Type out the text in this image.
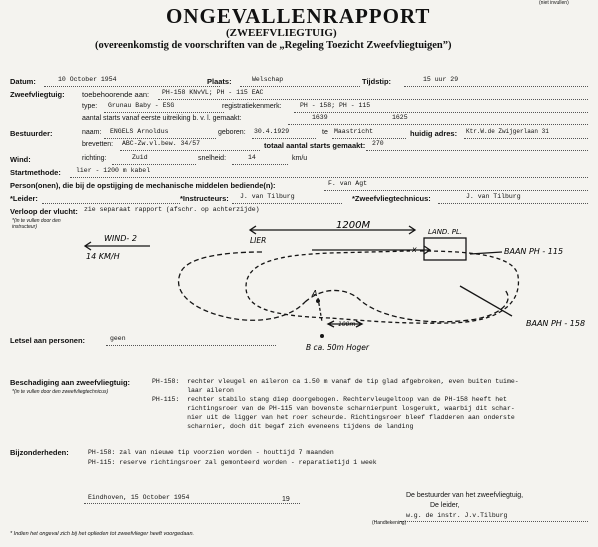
(niet invullen)
ONGEVALLENRAPPORT
(ZWEEFVLIEGTUIG)
(overeenkomstig de voorschriften van de „Regeling Toezicht Zweefvliegtuigen”)
Datum:	10 October 1954	Plaats:	Welschap	Tijdstip:	15 uur 29
Zweefvliegtuig: toebehoorende aan: PH-158 KNvVL; PH - 115 EAC
type: Grunau Baby - ESG	registratiekenmerk:	PH - 158; PH - 115
aantal starts vanaf eerste uitreiking b. v. l. gemaakt:	1639	1625
Bestuurder:	naam: ENGELS Arnoldus	geboren: 30.4.1929	te Maastricht	huidig adres: Ktr.W.de Zwijgerlaan 31
brevetten: ABC-Zw.vl.bew. 34/57	totaal aantal starts gemaakt: 270
Wind:	richting:	Zuid	snelheid:	14	km/u
Startmethode: lier - 1200 m kabel
Person(onen), die bij de opstijging de mechanische middelen bediende(n):	F. van Agt
*Leider:	*Instructeurs: J. van Tilburg	*Zweefvliegtechnicus:	J. van Tilburg
Verloop der vlucht: zie separaat rapport (afschr. op achterzijde)
*(in te vullen door den instructeur)	1200M
WIND- 2
14 KM/H
LIER
LAND. PL.
BAAN PH - 115
BAAN PH - 158
A
100m
B ca. 50m Hoger
x
Letsel aan personen:	geen
Beschadiging aan zweefvliegtuig:
*(in te vullen door den zweefvliegtechnicus)
PH-158:  rechter vleugel en aileron ca 1.50 m vanaf de tip glad afgebroken, even buiten tuime-
laar aileron
PH-115:  rechter stabilo stang diep doorgebogen. Rechtervleugeltoop van de PH-158 heeft het
richtingsroer van de PH-115 van bovenste scharnierpunt losgerukt, waarbij dit schar-
nier uit de ligger van het roer scheurde. Richtingsroer bleef fladderen aan onderste
scharnier, doch dit begaf zich eveneens tijdens de landing
Bijzonderheden:	PH-158: zal van nieuwe tip voorzien worden - houttijd 7 maanden
PH-115: reserve richtingsroer zal gemonteerd worden - reparatietijd 1 week
Eindhoven, 15 October 1954	19
De bestuurder van het zweefvliegtuig,
De leider,
w.g. de instr. J.v.Tilburg
(Handtekening)
* Indien het ongeval zich bij het oplieden tot zweefvlieger heeft voorgedaan.
